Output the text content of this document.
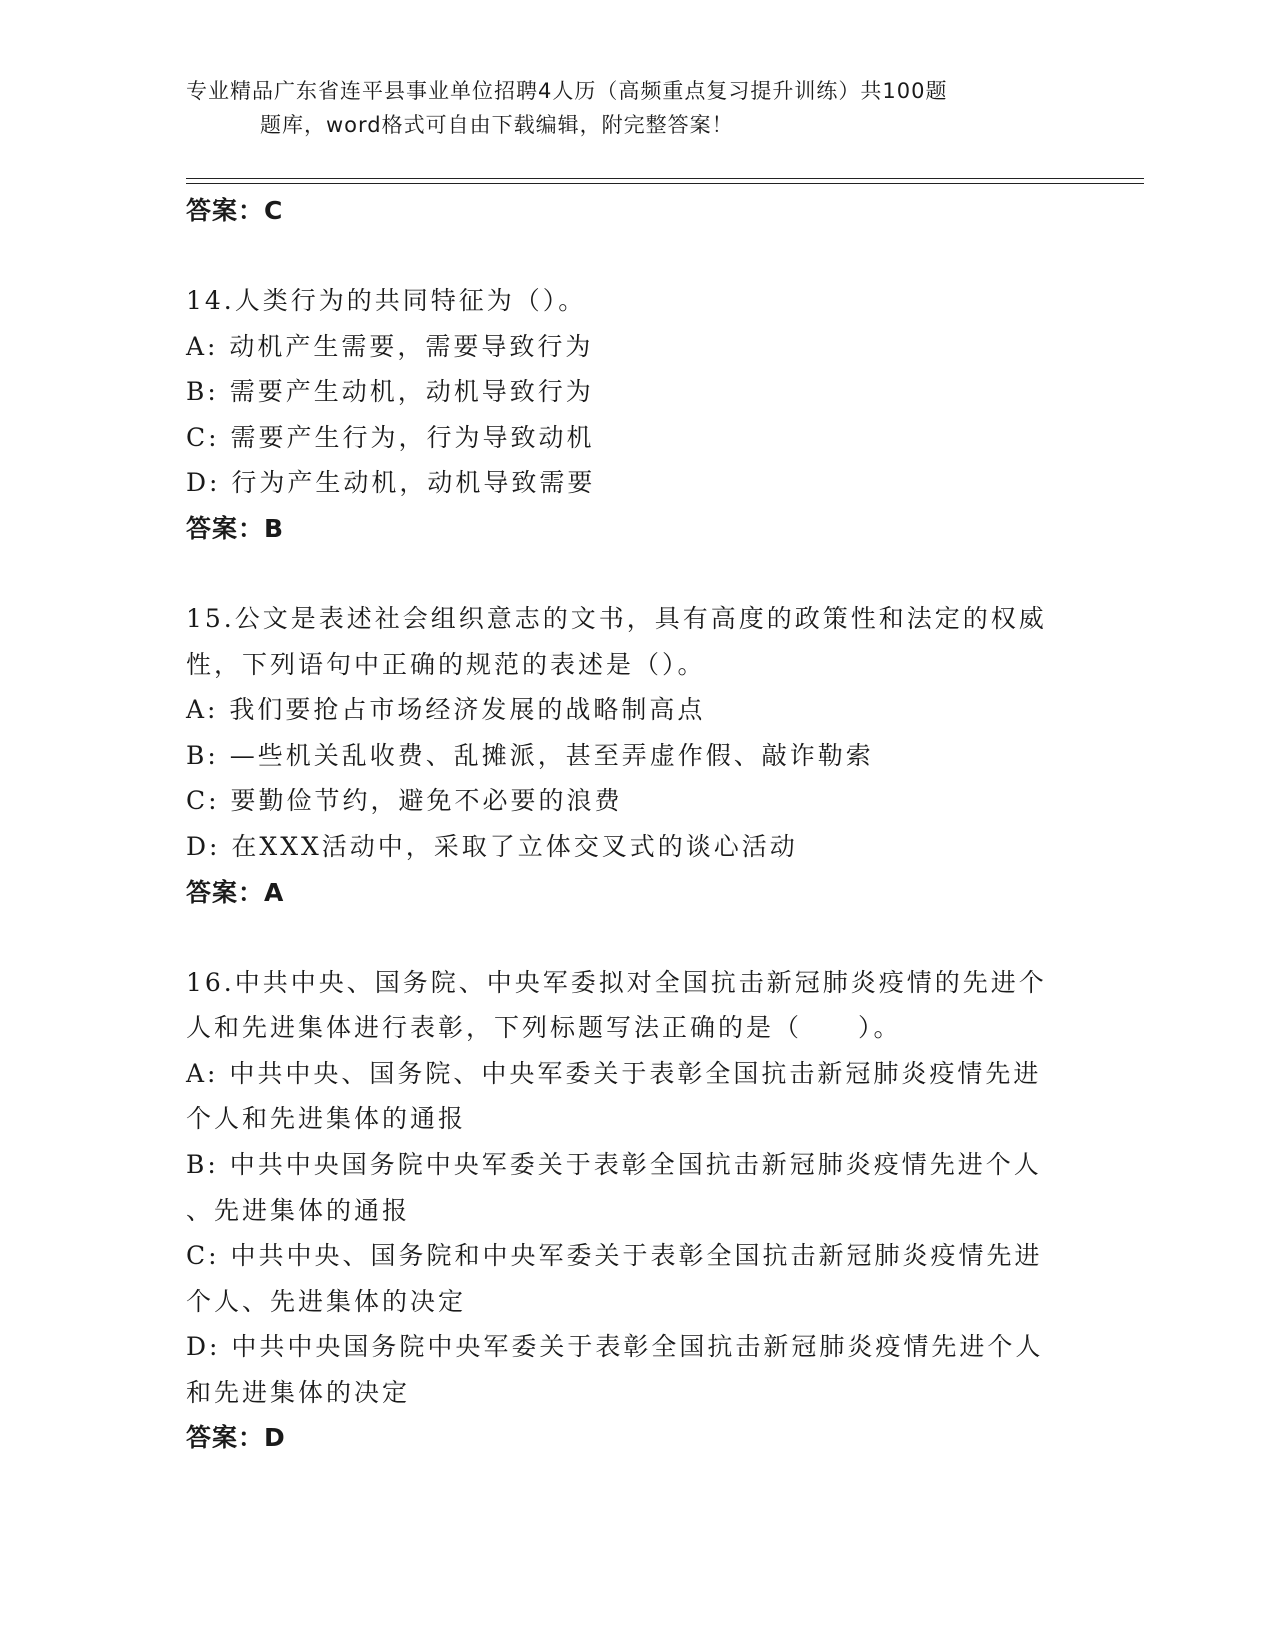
专业精品广东省连平县事业单位招聘4人历（高频重点复习提升训练）共100题
题库，word格式可自由下载编辑，附完整答案！
答案：C
14.人类行为的共同特征为（）。
A: 动机产生需要，需要导致行为
B: 需要产生动机，动机导致行为
C: 需要产生行为，行为导致动机
D: 行为产生动机，动机导致需要
答案：B
15.公文是表述社会组织意志的文书，具有高度的政策性和法定的权威
性，下列语句中正确的规范的表述是（）。
A: 我们要抢占市场经济发展的战略制高点
B: —些机关乱收费、乱摊派，甚至弄虚作假、敲诈勒索
C: 要勤俭节约，避免不必要的浪费
D: 在XXX活动中，采取了立体交叉式的谈心活动
答案：A
16.中共中央、国务院、中央军委拟对全国抗击新冠肺炎疫情的先进个
人和先进集体进行表彰，下列标题写法正确的是（　　）。
A: 中共中央、国务院、中央军委关于表彰全国抗击新冠肺炎疫情先进
个人和先进集体的通报
B: 中共中央国务院中央军委关于表彰全国抗击新冠肺炎疫情先进个人
、先进集体的通报
C: 中共中央、国务院和中央军委关于表彰全国抗击新冠肺炎疫情先进
个人、先进集体的决定
D: 中共中央国务院中央军委关于表彰全国抗击新冠肺炎疫情先进个人
和先进集体的决定
答案：D
